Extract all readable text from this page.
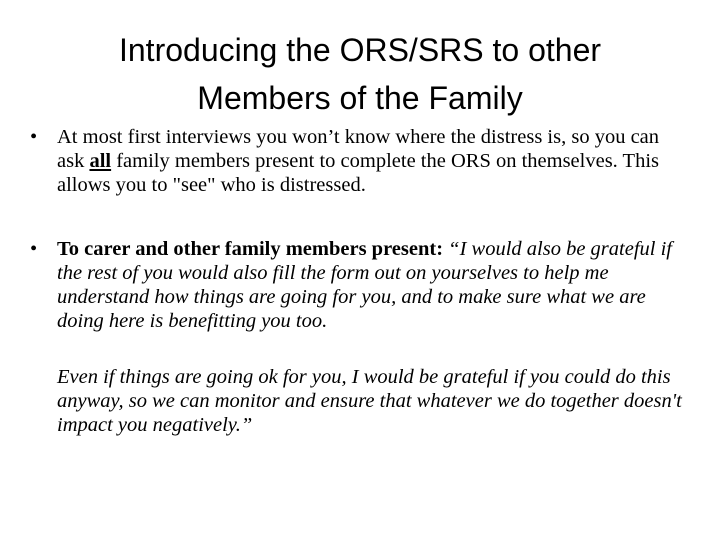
Introducing the ORS/SRS to other
Members of the Family
• At most first interviews you won’t know where the distress is, so you can ask all family members present to complete the ORS on themselves. This allows you to "see" who is distressed.
• To carer and other family members present: “I would also be grateful if the rest of you would also fill the form out on yourselves to help me understand how things are going for you, and to make sure what we are doing here is benefitting you too.
Even if things are going ok for you, I would be grateful if you could do this anyway, so we can monitor and ensure that whatever we do together doesn't impact you negatively.”
